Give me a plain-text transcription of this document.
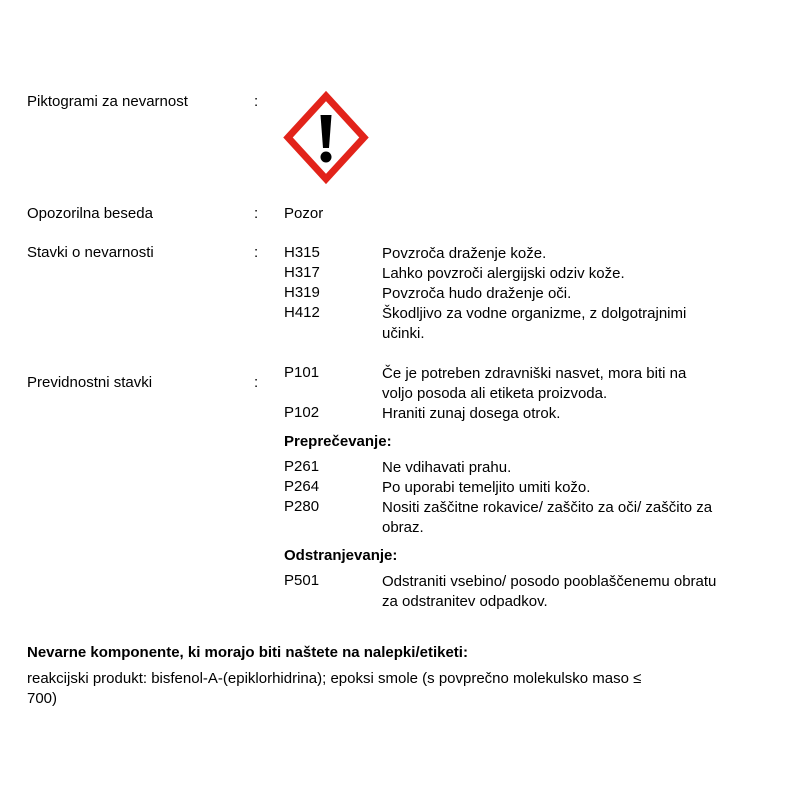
Piktogrami za nevarnost	:
Opozorilna beseda	: Pozor
Stavki o nevarnosti	: H315	Povzroča draženje kože.
H317	Lahko povzroči alergijski odziv kože.
H319	Povzroča hudo draženje oči.
H412	Škodljivo za vodne organizme, z dolgotrajnimi
učinki.
Previdnostni stavki	:
P101	Če je potreben zdravniški nasvet, mora biti na
voljo posoda ali etiketa proizvoda.
P102	Hraniti zunaj dosega otrok.
Preprečevanje:
P261	Ne vdihavati prahu.
P264	Po uporabi temeljito umiti kožo.
P280	Nositi zaščitne rokavice/ zaščito za oči/ zaščito za
obraz.
Odstranjevanje:
P501	Odstraniti vsebino/ posodo pooblaščenemu obratu
za odstranitev odpadkov.
Nevarne komponente, ki morajo biti naštete na nalepki/etiketi:
reakcijski produkt: bisfenol-A-(epiklorhidrina); epoksi smole (s povprečno molekulsko maso ≤
700)
